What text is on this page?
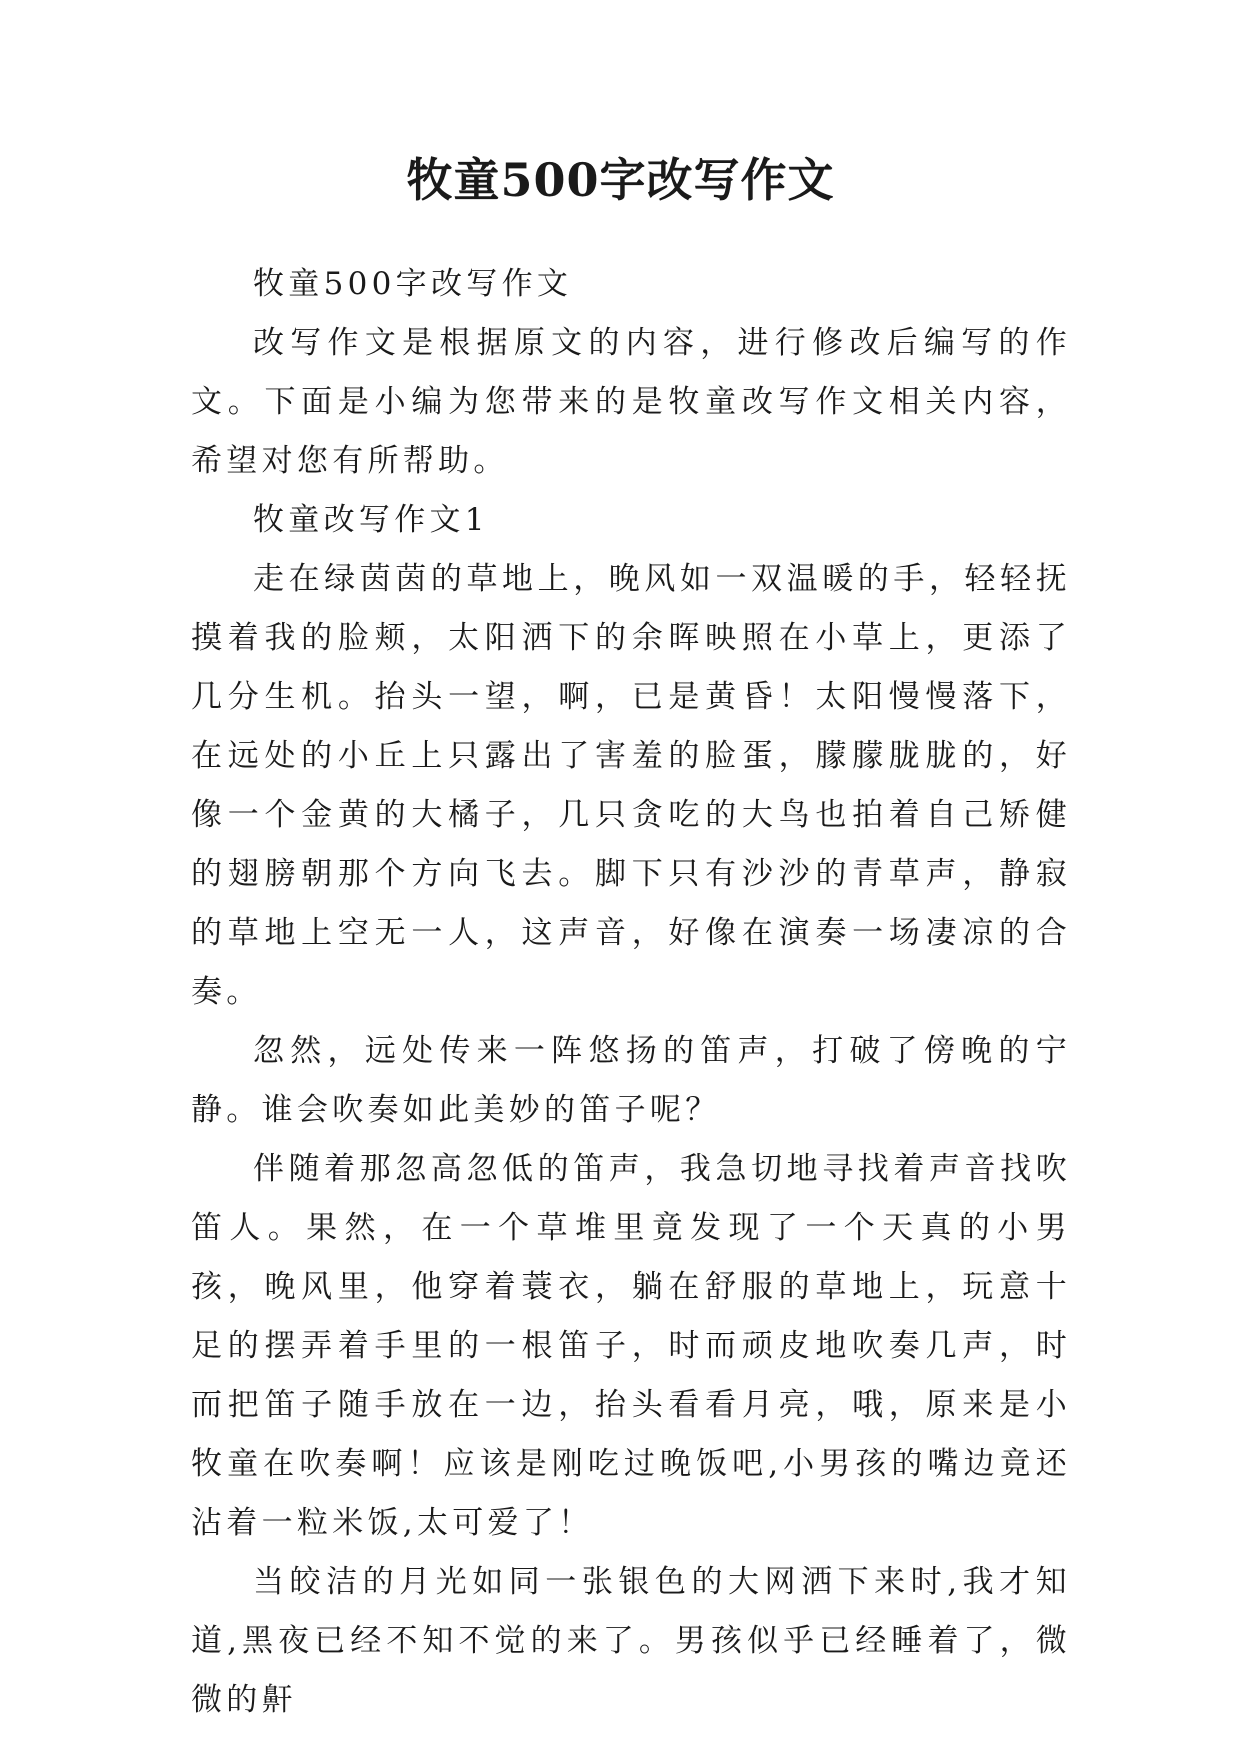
牧童500字改写作文

牧童500字改写作文

改写作文是根据原文的内容，进行修改后编写的作文。下面是小编为您带来的是牧童改写作文相关内容，希望对您有所帮助。

牧童改写作文1

走在绿茵茵的草地上，晚风如一双温暖的手，轻轻抚摸着我的脸颊，太阳洒下的余晖映照在小草上，更添了几分生机。抬头一望，啊，已是黄昏！太阳慢慢落下，在远处的小丘上只露出了害羞的脸蛋，朦朦胧胧的，好像一个金黄的大橘子，几只贪吃的大鸟也拍着自己矫健的翅膀朝那个方向飞去。脚下只有沙沙的青草声，静寂的草地上空无一人，这声音，好像在演奏一场凄凉的合奏。

忽然，远处传来一阵悠扬的笛声，打破了傍晚的宁静。谁会吹奏如此美妙的笛子呢？

伴随着那忽高忽低的笛声，我急切地寻找着声音找吹笛人。果然，在一个草堆里竟发现了一个天真的小男孩，晚风里，他穿着蓑衣，躺在舒服的草地上，玩意十足的摆弄着手里的一根笛子，时而顽皮地吹奏几声，时而把笛子随手放在一边，抬头看看月亮，哦，原来是小牧童在吹奏啊！应该是刚吃过晚饭吧,小男孩的嘴边竟还沾着一粒米饭,太可爱了！

当皎洁的月光如同一张银色的大网洒下来时,我才知道,黑夜已经不知不觉的来了。男孩似乎已经睡着了，微微的鼾
